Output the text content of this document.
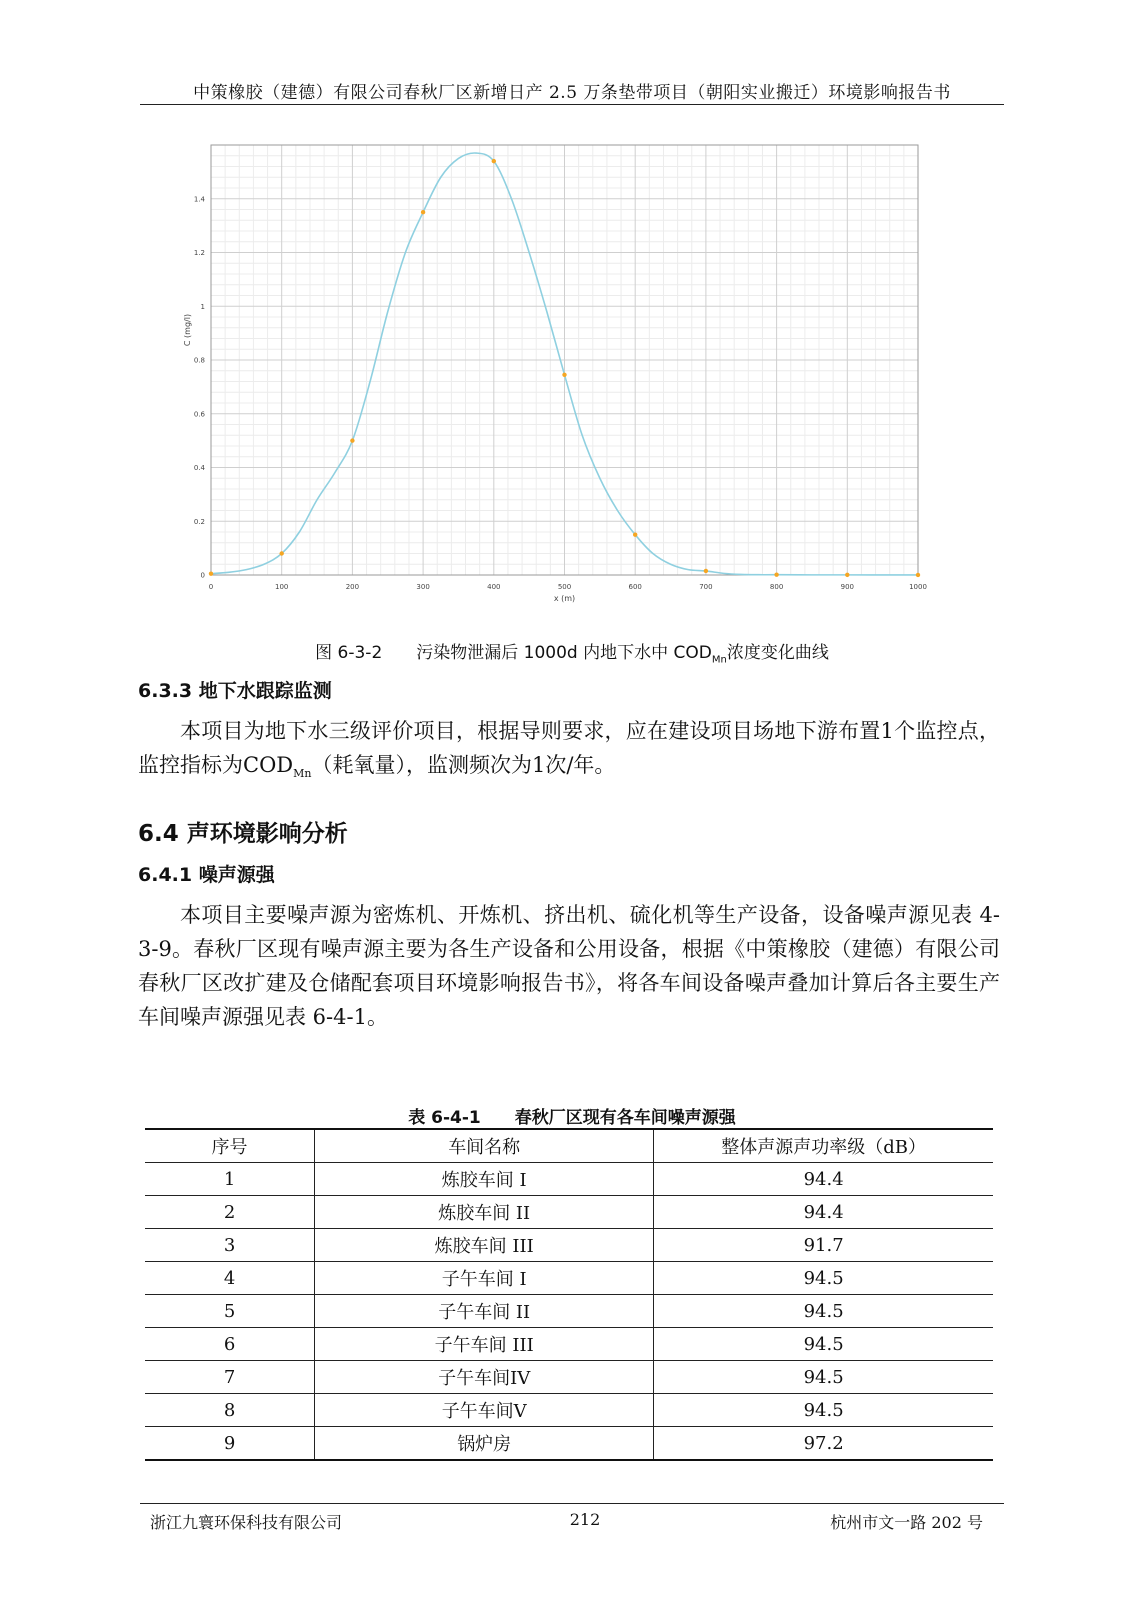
中策橡胶（建德）有限公司春秋厂区新增日产 2.5 万条垫带项目（朝阳实业搬迁）环境影响报告书
0	100	200	300	400	500	600	700	800	900	1000
0
0.2
0.4
0.6
0.8
1
1.2
1.4
x (m)
C (mg/l)
图 6-3-2　　 污染物泄漏后 1000d 内地下水中 $COD_{Mn}$浓度变化曲线
6.3.3 地下水跟踪监测
本项目为地下水三级评价项目，根据导则要求，应在建设项目场地下游布置1个监控点，监控指标为$COD_{Mn}$（耗氧量），监测频次为1次/年。
6.4 声环境影响分析
6.4.1 噪声源强
本项目主要噪声源为密炼机、开炼机、挤出机、硫化机等生产设备，设备噪声源见表 4-3-9。春秋厂区现有噪声源主要为各生产设备和公用设备，根据《中策橡胶（建德）有限公司春秋厂区改扩建及仓储配套项目环境影响报告书》，将各车间设备噪声叠加计算后各主要生产车间噪声源强见表 6-4-1。
表 6-4-1　　春秋厂区现有各车间噪声源强
序号	车间名称	整体声源声功率级（dB）
1	炼胶车间 I	94.4
2	炼胶车间 II	94.4
3	炼胶车间 III	91.7
4	子午车间 I	94.5
5	子午车间 II	94.5
6	子午车间 III	94.5
7	子午车间IV	94.5
8	子午车间V	94.5
9	锅炉房	97.2
浙江九寰环保科技有限公司	212	杭州市文一路 202 号
